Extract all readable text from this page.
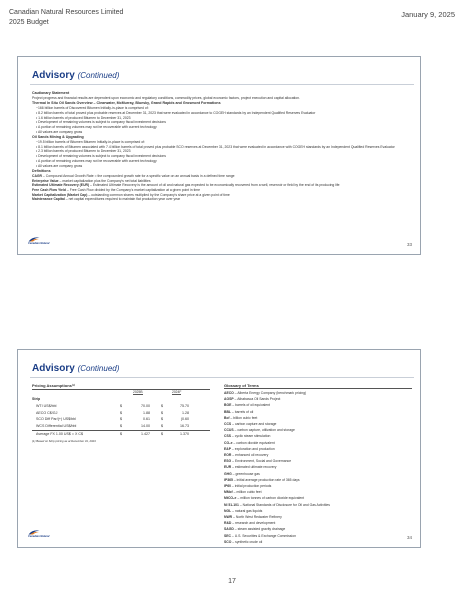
Canadian Natural Resources Limited
2025 Budget
January 9, 2025
Advisory (Continued)
Cautionary Statement
Project progress and financial results are dependent upon economic and regulatory conditions, commodity prices, global economic factors, project execution and capital allocation.
Thermal In Situ Oil Sands Overview – Clearwater, McMurray, Bluesky, Grand Rapids and Grosmont Formations
~166 billion barrels of Discovered Bitumen Initially-in-place is comprised of:
• 8.2 billion barrels of total proved plus probable reserves at December 31, 2023 that were evaluated in accordance to COGEH standards by an Independent Qualified Reserves Evaluator
• 1.6 billion barrels of produced Bitumen to December 31, 2023
• Development of remaining volumes is subject to company fiscal investment decisions
• A portion of remaining volumes may not be recoverable with current technology
• All values are company gross
Oil Sands Mining & Upgrading
~19.5 billion barrels of Bitumen Bitumen Initially-in-place is comprised of:
• 8.1 billion barrels of Bitumen associated with 7.4 billion barrels of total proved plus probable SCO reserves at December 31, 2023 that were evaluated in accordance with COGEH standards by an Independent Qualified Reserves Evaluator
• 2.3 billion barrels of produced Bitumen to December 31, 2023
• Development of remaining volumes is subject to company fiscal investment decisions
• A portion of remaining volumes may not be recoverable with current technology
• All values are company gross
Definitions
CAGR – Compound Annual Growth Rate = the compounded growth rate for a specific value on an annual basis in a defined time range
Enterprise Value – market capitalization plus the Company's net total liabilities
Estimated Ultimate Recovery (EUR) – Estimated Ultimate Recovery is the amount of oil and natural gas expected to be economically recovered from a well, reservoir or field by the end of its producing life
Free Cash Flow Yield – Free Cash Flow divided by the Company's market capitalization at a given point in time
Market Capitalization (Market Cap) – outstanding common shares multiplied by the Company's share price at a given point of time
Maintenance Capital – net capital expenditures required to maintain flat production year over year
Canadian Natural	33
Advisory (Continued)
Pricing Assumptions⁽¹⁾
2025B	2024F
Strip
WTI US$/bbl	$	70.00	$	75.70
AECO C$/GJ	$	1.88	$	1.28
SCO Diff Par/(+) US$/bbl	$	0.61	$	(0.60
WCS Differential US$/bbl	$	14.00	$	16.73
Average FX 1.00 US$ = X C$	$	1.427	$	1.370
(1) Based on Strip pricing as at December 31, 2024
Glossary of Terms
AECO – Alberta Energy Company (benchmark pricing)
AOSP – Athabasca Oil Sands Project
BOE – barrels of oil equivalent
BBL – barrels of oil
Bcf – billion cubic feet
CCS – carbon capture and storage
CCUS – carbon capture, utilization and storage
CSS – cyclic steam stimulation
CO₂e – carbon dioxide equivalent
E&P – exploration and production
EOR – enhanced oil recovery
ESG – Environment, Social and Governance
EUR – estimated ultimate recovery
GHG – greenhouse gas
IP365 – initial average production rate of 365 days
IP60 – initial production periods
MMcf – million cubic feet
MtCO₂e – million tonnes of carbon dioxide equivalent
NI 51-101 – National Standards of Disclosure for Oil and Gas Activities
NGL – natural gas liquids
NWR – North West Redwater Refinery
R&D – research and development
SAGD – steam assisted gravity drainage
SEC – U.S. Securities & Exchange Commission
SCO – synthetic crude oil
Canadian Natural	34
17
